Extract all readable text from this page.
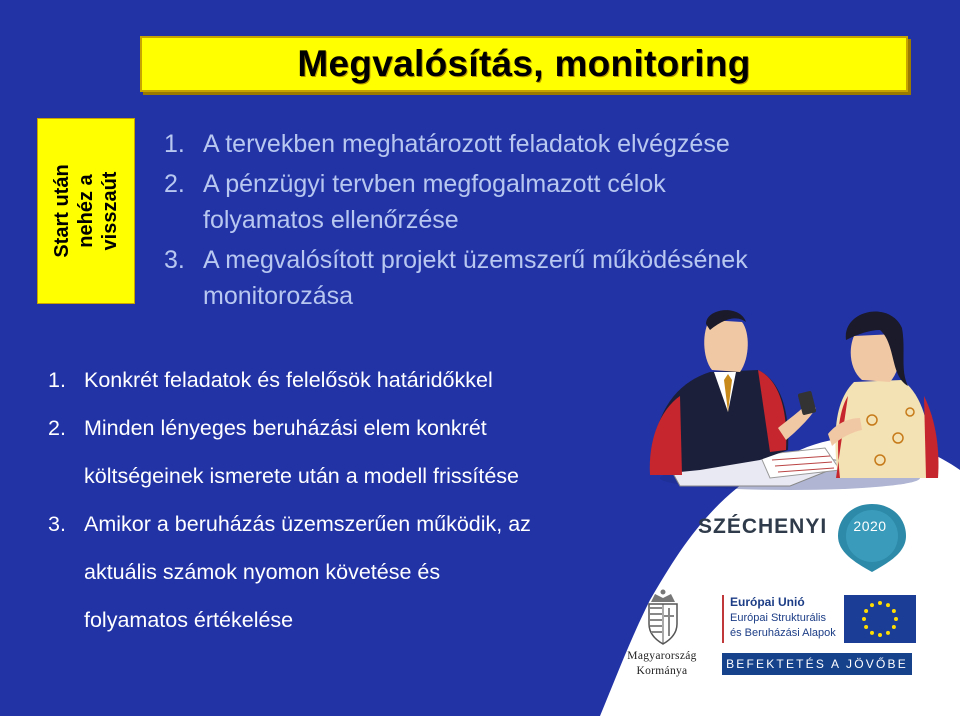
Megvalósítás, monitoring
Start után nehéz a visszaút
1. A tervekben meghatározott feladatok elvégzése
2. A pénzügyi tervben megfogalmazott célok
folyamatos ellenőrzése
3. A megvalósított projekt üzemszerű működésének
monitorozása
1. Konkrét feladatok és felelősök határidőkkel
2. Minden lényeges beruházási elem konkrét
költségeinek ismerete után a modell frissítése
3. Amikor a beruházás üzemszerűen működik, az
aktuális számok nyomon követése és
folyamatos értékelése
SZÉCHENYI	2020
Magyarország
Kormánya
Európai Unió
Európai Strukturális
és Beruházási Alapok
BEFEKTETÉS A JÖVŐBE
